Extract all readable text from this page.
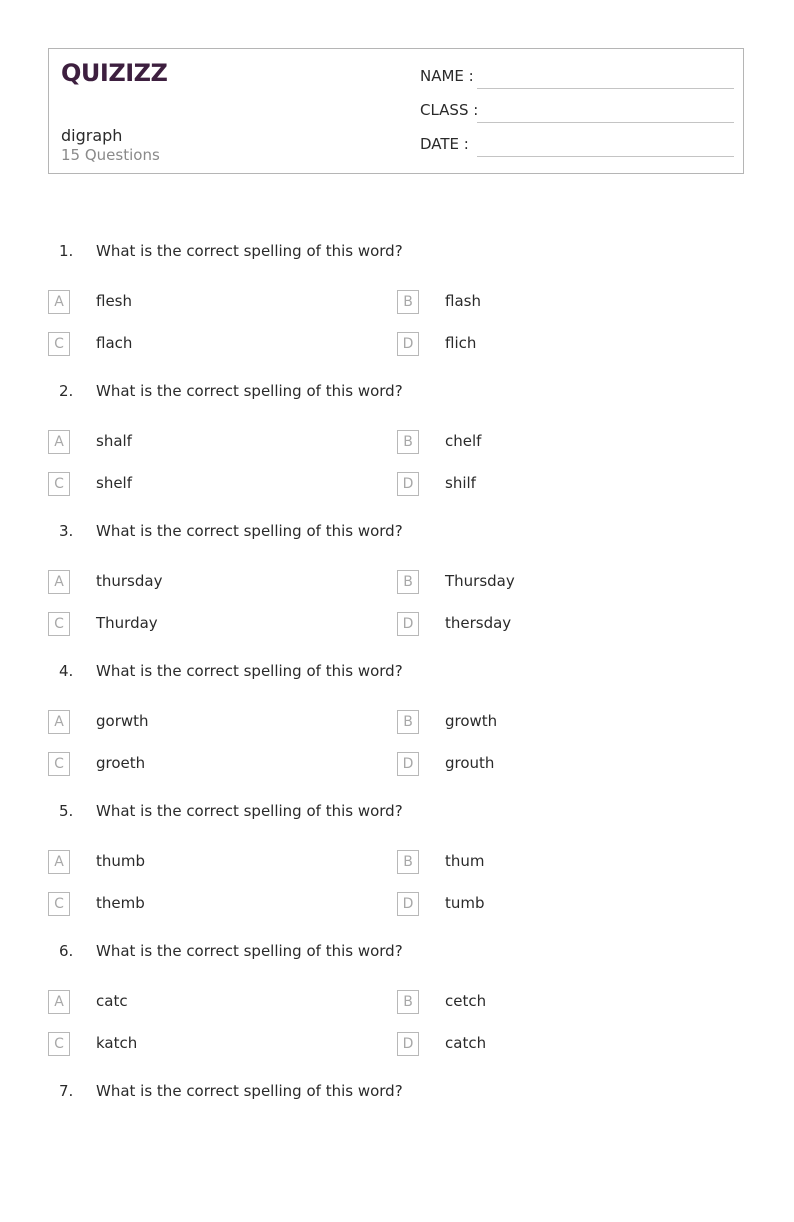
QUIZIZZ
digraph
15 Questions
NAME :
CLASS :
DATE :
1. What is the correct spelling of this word?
A	flesh	B	flash
C	flach	D	flich
2. What is the correct spelling of this word?
A	shalf	B	chelf
C	shelf	D	shilf
3. What is the correct spelling of this word?
A	thursday	B	Thursday
C	Thurday	D	thersday
4. What is the correct spelling of this word?
A	gorwth	B	growth
C	groeth	D	grouth
5. What is the correct spelling of this word?
A	thumb	B	thum
C	themb	D	tumb
6. What is the correct spelling of this word?
A	catc	B	cetch
C	katch	D	catch
7. What is the correct spelling of this word?
